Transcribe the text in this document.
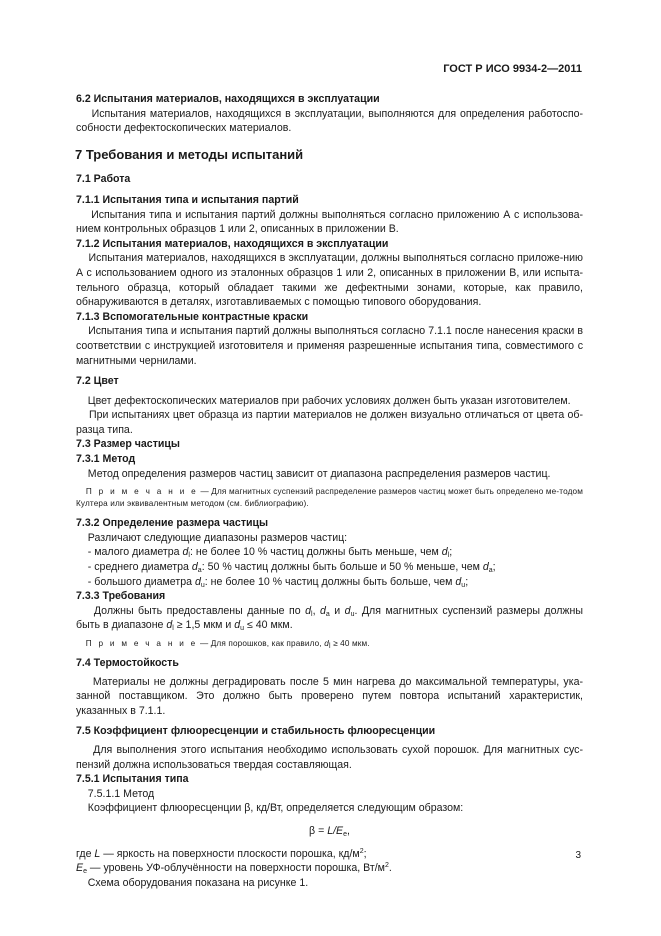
ГОСТ Р ИСО 9934-2—2011

6.2 Испытания материалов, находящихся в эксплуатации

Испытания материалов, находящихся в эксплуатации, выполняются для определения работоспо-собности дефектоскопических материалов.

7 Требования и методы испытаний

7.1 Работа

7.1.1 Испытания типа и испытания партий

Испытания типа и испытания партий должны выполняться согласно приложению А с использова-нием контрольных образцов 1 или 2, описанных в приложении В.

7.1.2 Испытания материалов, находящихся в эксплуатации

Испытания материалов, находящихся в эксплуатации, должны выполняться согласно приложе-нию А с использованием одного из эталонных образцов 1 или 2, описанных в приложении В, или испыта-тельного образца, который обладает такими же дефектными зонами, которые, как правило, обнаруживаются в деталях, изготавливаемых с помощью типового оборудования.

7.1.3 Вспомогательные контрастные краски

Испытания типа и испытания партий должны выполняться согласно 7.1.1 после нанесения краски в соответствии с инструкцией изготовителя и применяя разрешенные испытания типа, совместимого с магнитными чернилами.

7.2 Цвет

Цвет дефектоскопических материалов при рабочих условиях должен быть указан изготовителем.

При испытаниях цвет образца из партии материалов не должен визуально отличаться от цвета об-разца типа.

7.3 Размер частицы

7.3.1 Метод

Метод определения размеров частиц зависит от диапазона распределения размеров частиц.

П р и м е ч а н и е — Для магнитных суспензий распределение размеров частиц может быть определено ме-тодом Култера или эквивалентным методом (см. библиографию).

7.3.2 Определение размера частицы

Различают следующие диапазоны размеров частиц:

- малого диаметра $d_l$: не более 10 % частиц должны быть меньше, чем $d_l$;

- среднего диаметра $d_a$: 50 % частиц должны быть больше и 50 % меньше, чем $d_a$;

- большого диаметра $d_u$: не более 10 % частиц должны быть больше, чем $d_u$;

7.3.3 Требования

Должны быть предоставлены данные по $d_l$, $d_a$ и $d_u$. Для магнитных суспензий размеры должны быть в диапазоне $d_l \ge 1,5$ мкм и $d_u \le 40$ мкм.

П р и м е ч а н и е — Для порошков, как правило, $d_l \ge 40$ мкм.

7.4 Термостойкость

Материалы не должны деградировать после 5 мин нагрева до максимальной температуры, ука-занной поставщиком. Это должно быть проверено путем повтора испытаний характеристик, указанных в 7.1.1.

7.5 Коэффициент флюоресценции и стабильность флюоресценции

Для выполнения этого испытания необходимо использовать сухой порошок. Для магнитных сус-пензий должна использоваться твердая составляющая.

7.5.1 Испытания типа

7.5.1.1 Метод

Коэффициент флюоресценции β, кд/Вт, определяется следующим образом:

$\beta = L/E_e$,

где L — яркость на поверхности плоскости порошка, $кд/м^2$;

$E_e$ — уровень УФ-облучённости на поверхности порошка, $Вт/м^2$.

Схема оборудования показана на рисунке 1.

3
